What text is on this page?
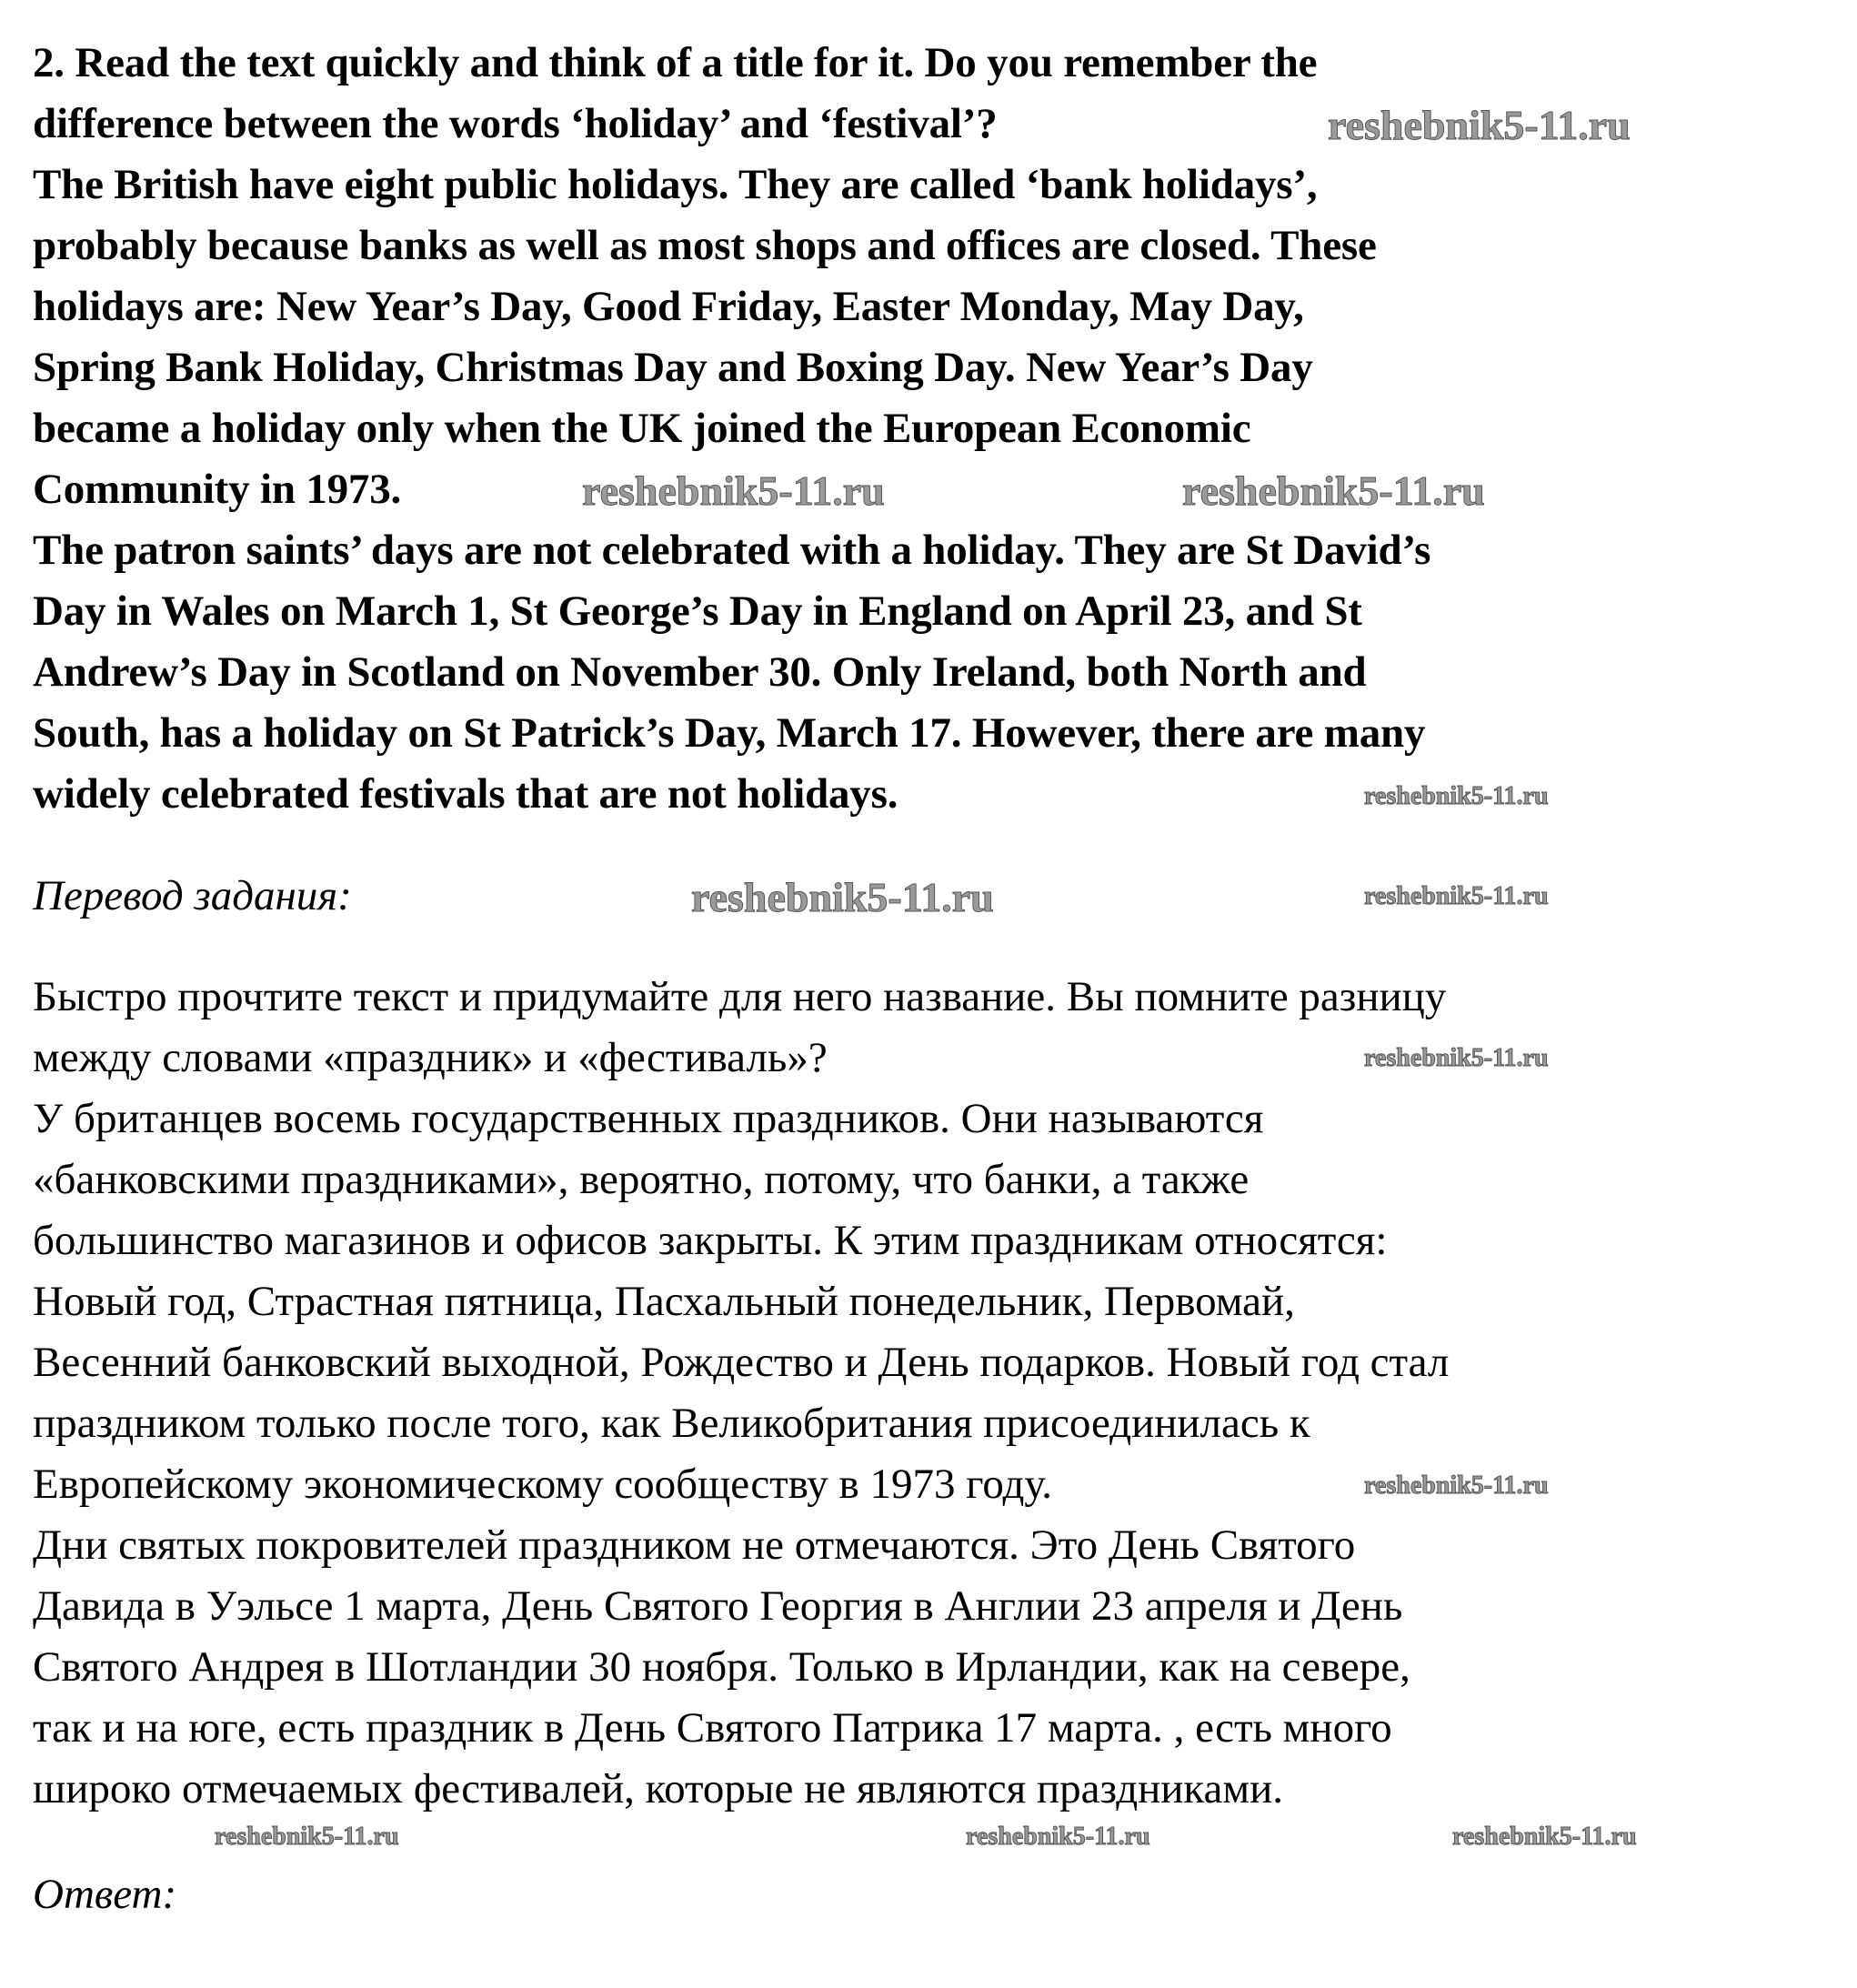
2. Read the text quickly and think of a title for it. Do you remember the
difference between the words ‘holiday’ and ‘festival’?
The British have eight public holidays. They are called ‘bank holidays’,
probably because banks as well as most shops and offices are closed. These
holidays are: New Year’s Day, Good Friday, Easter Monday, May Day,
Spring Bank Holiday, Christmas Day and Boxing Day. New Year’s Day
became a holiday only when the UK joined the European Economic
Community in 1973.
The patron saints’ days are not celebrated with a holiday. They are St David’s
Day in Wales on March 1, St George’s Day in England on April 23, and St
Andrew’s Day in Scotland on November 30. Only Ireland, both North and
South, has a holiday on St Patrick’s Day, March 17. However, there are many
widely celebrated festivals that are not holidays.
Перевод задания:
Быстро прочтите текст и придумайте для него название. Вы помните разницу
между словами «праздник» и «фестиваль»?
У британцев восемь государственных праздников. Они называются
«банковскими праздниками», вероятно, потому, что банки, а также
большинство магазинов и офисов закрыты. К этим праздникам относятся:
Новый год, Страстная пятница, Пасхальный понедельник, Первомай,
Весенний банковский выходной, Рождество и День подарков. Новый год стал
праздником только после того, как Великобритания присоединилась к
Европейскому экономическому сообществу в 1973 году.
Дни святых покровителей праздником не отмечаются. Это День Святого
Давида в Уэльсе 1 марта, День Святого Георгия в Англии 23 апреля и День
Святого Андрея в Шотландии 30 ноября. Только в Ирландии, как на севере,
так и на юге, есть праздник в День Святого Патрика 17 марта. , есть много
широко отмечаемых фестивалей, которые не являются праздниками.
Ответ:
reshebnik5-11.ru
reshebnik5-11.ru	reshebnik5-11.ru
reshebnik5-11.ru
reshebnik5-11.ru	reshebnik5-11.ru
reshebnik5-11.ru
reshebnik5-11.ru
reshebnik5-11.ru	reshebnik5-11.ru	reshebnik5-11.ru
